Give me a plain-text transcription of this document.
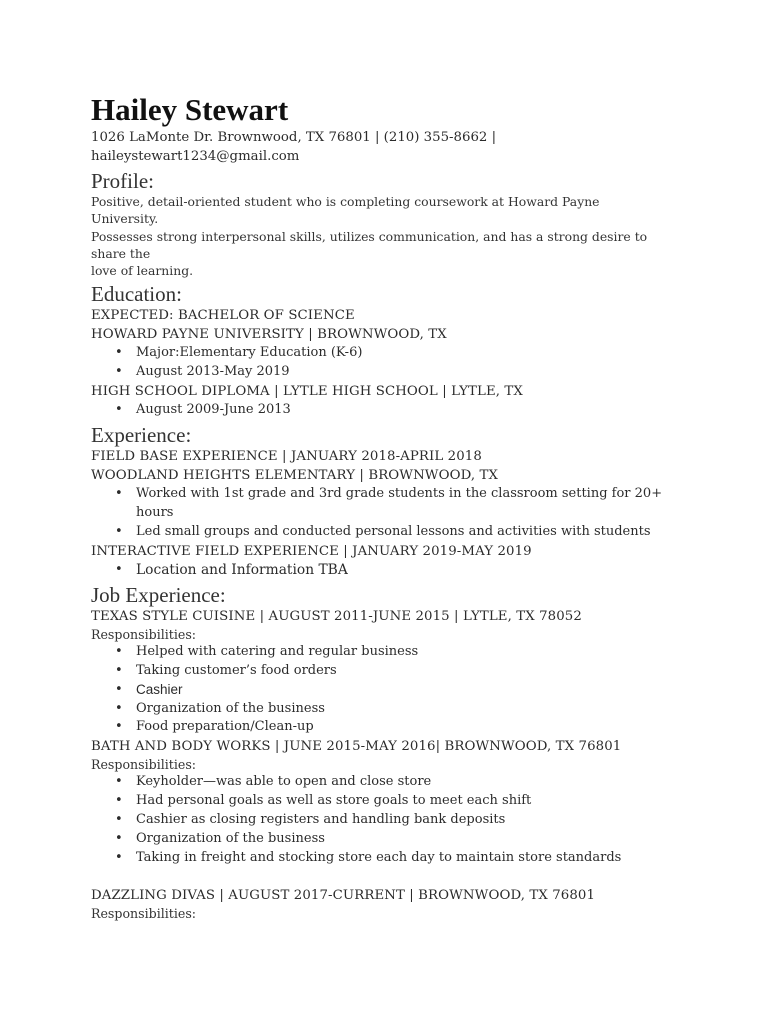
Hailey Stewart
1026 LaMonte Dr. Brownwood, TX 76801 | (210) 355-8662 |
haileystewart1234@gmail.com
Profile:
Positive, detail-oriented student who is completing coursework at Howard Payne
University.
Possesses strong interpersonal skills, utilizes communication, and has a strong desire to
share the
love of learning.
Education:
EXPECTED: BACHELOR OF SCIENCE
HOWARD PAYNE UNIVERSITY | BROWNWOOD, TX
• Major:Elementary Education (K-6)
• August 2013-May 2019
HIGH SCHOOL DIPLOMA | LYTLE HIGH SCHOOL | LYTLE, TX
• August 2009-June 2013
Experience:
FIELD BASE EXPERIENCE | JANUARY 2018-APRIL 2018
WOODLAND HEIGHTS ELEMENTARY | BROWNWOOD, TX
• Worked with 1st grade and 3rd grade students in the classroom setting for 20+
hours
• Led small groups and conducted personal lessons and activities with students
INTERACTIVE FIELD EXPERIENCE | JANUARY 2019-MAY 2019
• Location and Information TBA
Job Experience:
TEXAS STYLE CUISINE | AUGUST 2011-JUNE 2015 | LYTLE, TX 78052
Responsibilities:
• Helped with catering and regular business
• Taking customer’s food orders
• Cashier
• Organization of the business
• Food preparation/Clean-up
BATH AND BODY WORKS | JUNE 2015-MAY 2016| BROWNWOOD, TX 76801
Responsibilities:
• Keyholder—was able to open and close store
• Had personal goals as well as store goals to meet each shift
• Cashier as closing registers and handling bank deposits
• Organization of the business
• Taking in freight and stocking store each day to maintain store standards
DAZZLING DIVAS | AUGUST 2017-CURRENT | BROWNWOOD, TX 76801
Responsibilities:
